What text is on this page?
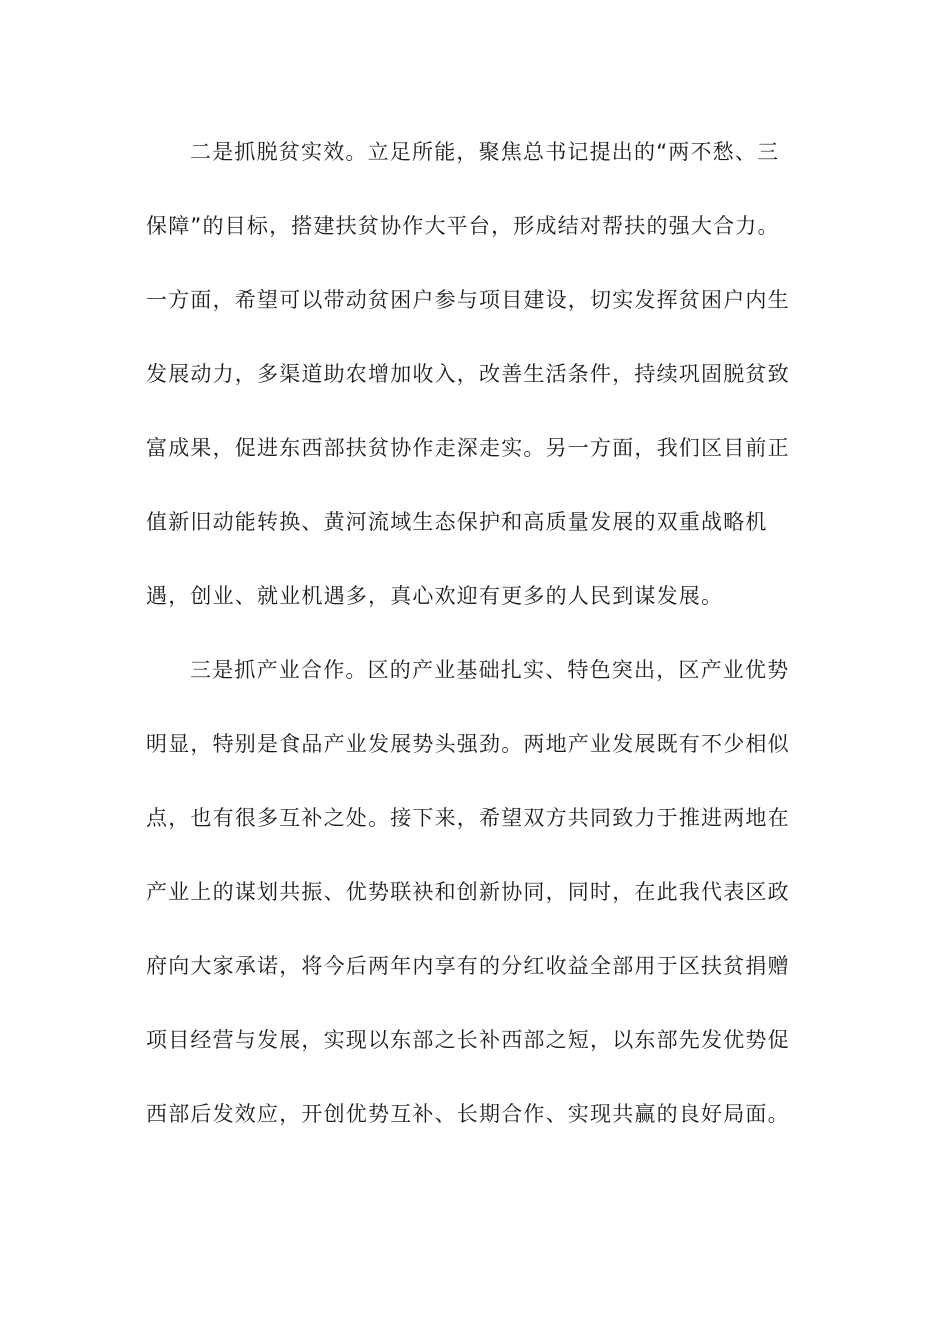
二是抓脱贫实效。立足所能，聚焦总书记提出的“两不愁、三
保障”的目标，搭建扶贫协作大平台，形成结对帮扶的强大合力。
一方面，希望可以带动贫困户参与项目建设，切实发挥贫困户内生
发展动力，多渠道助农增加收入，改善生活条件，持续巩固脱贫致
富成果，促进东西部扶贫协作走深走实。另一方面，我们区目前正
值新旧动能转换、黄河流域生态保护和高质量发展的双重战略机
遇，创业、就业机遇多，真心欢迎有更多的人民到谋发展。
三是抓产业合作。区的产业基础扎实、特色突出，区产业优势
明显，特别是食品产业发展势头强劲。两地产业发展既有不少相似
点，也有很多互补之处。接下来，希望双方共同致力于推进两地在
产业上的谋划共振、优势联袂和创新协同，同时，在此我代表区政
府向大家承诺，将今后两年内享有的分红收益全部用于区扶贫捐赠
项目经营与发展，实现以东部之长补西部之短，以东部先发优势促
西部后发效应，开创优势互补、长期合作、实现共赢的良好局面。
